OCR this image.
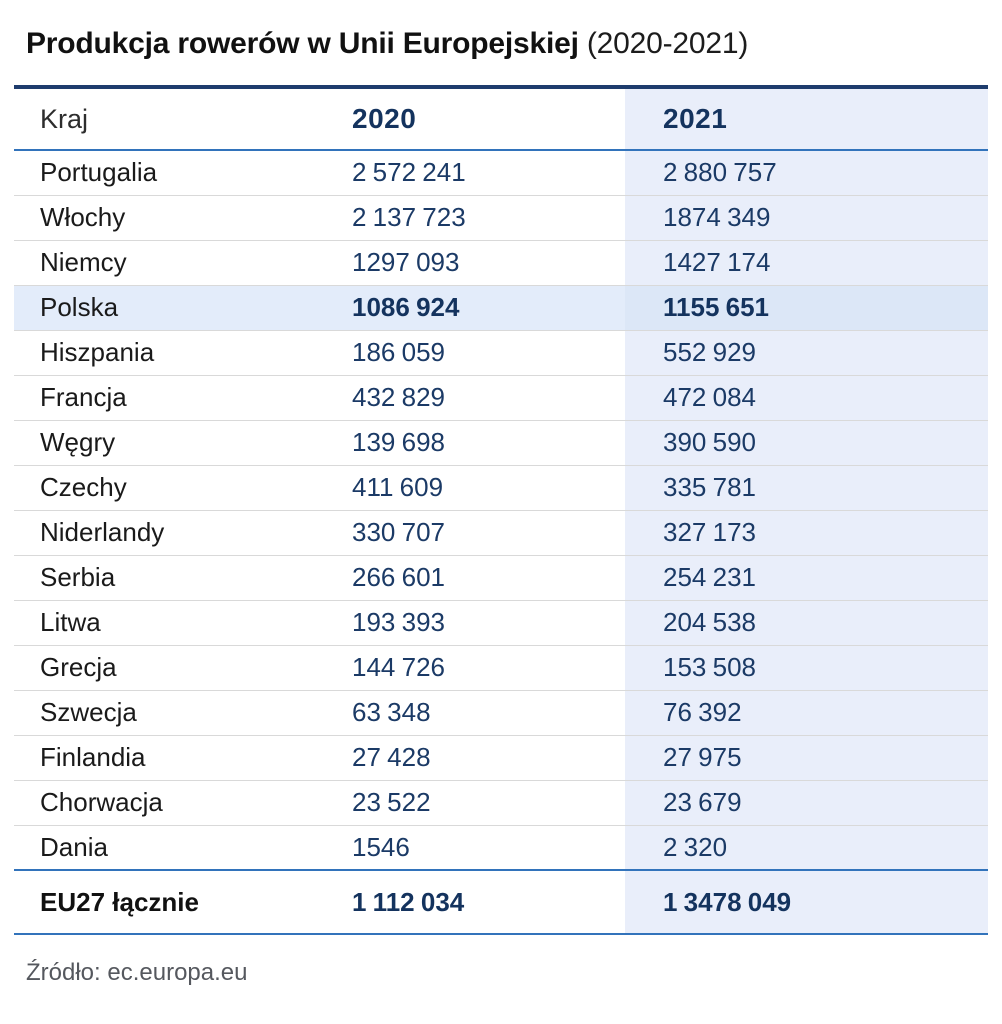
Produkcja rowerów w Unii Europejskiej (2020-2021)
Kraj	2020	2021
Portugalia	2 572 241	2 880 757
Włochy	2 137 723	1874 349
Niemcy	1297 093	1427 174
Polska	1086 924	1155 651
Hiszpania	186 059	552 929
Francja	432 829	472 084
Węgry	139 698	390 590
Czechy	411 609	335 781
Niderlandy	330 707	327 173
Serbia	266 601	254 231
Litwa	193 393	204 538
Grecja	144 726	153 508
Szwecja	63 348	76 392
Finlandia	27 428	27 975
Chorwacja	23 522	23 679
Dania	1546	2 320
EU27 łącznie	1 112 034	1 3478 049
Źródło: ec.europa.eu
